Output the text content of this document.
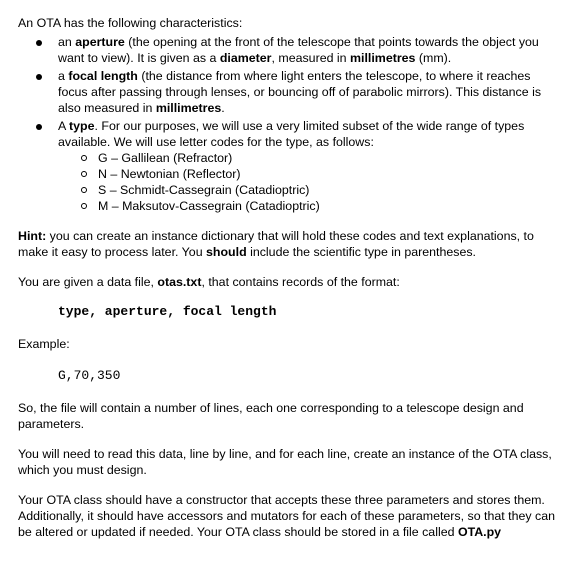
An OTA has the following characteristics:

an aperture (the opening at the front of the telescope that points towards the object you want to view). It is given as a diameter, measured in millimetres (mm).
a focal length (the distance from where light enters the telescope, to where it reaches focus after passing through lenses, or bouncing off of parabolic mirrors). This distance is also measured in millimetres.
A type. For our purposes, we will use a very limited subset of the wide range of types available. We will use letter codes for the type, as follows:
G – Gallilean (Refractor)
N – Newtonian (Reflector)
S – Schmidt-Cassegrain (Catadioptric)
M – Maksutov-Cassegrain (Catadioptric)

Hint: you can create an instance dictionary that will hold these codes and text explanations, to make it easy to process later. You should include the scientific type in parentheses.

You are given a data file, otas.txt, that contains records of the format:

type, aperture, focal length

Example:

G,70,350

So, the file will contain a number of lines, each one corresponding to a telescope design and parameters.

You will need to read this data, line by line, and for each line, create an instance of the OTA class, which you must design.

Your OTA class should have a constructor that accepts these three parameters and stores them. Additionally, it should have accessors and mutators for each of these parameters, so that they can be altered or updated if needed. Your OTA class should be stored in a file called OTA.py
